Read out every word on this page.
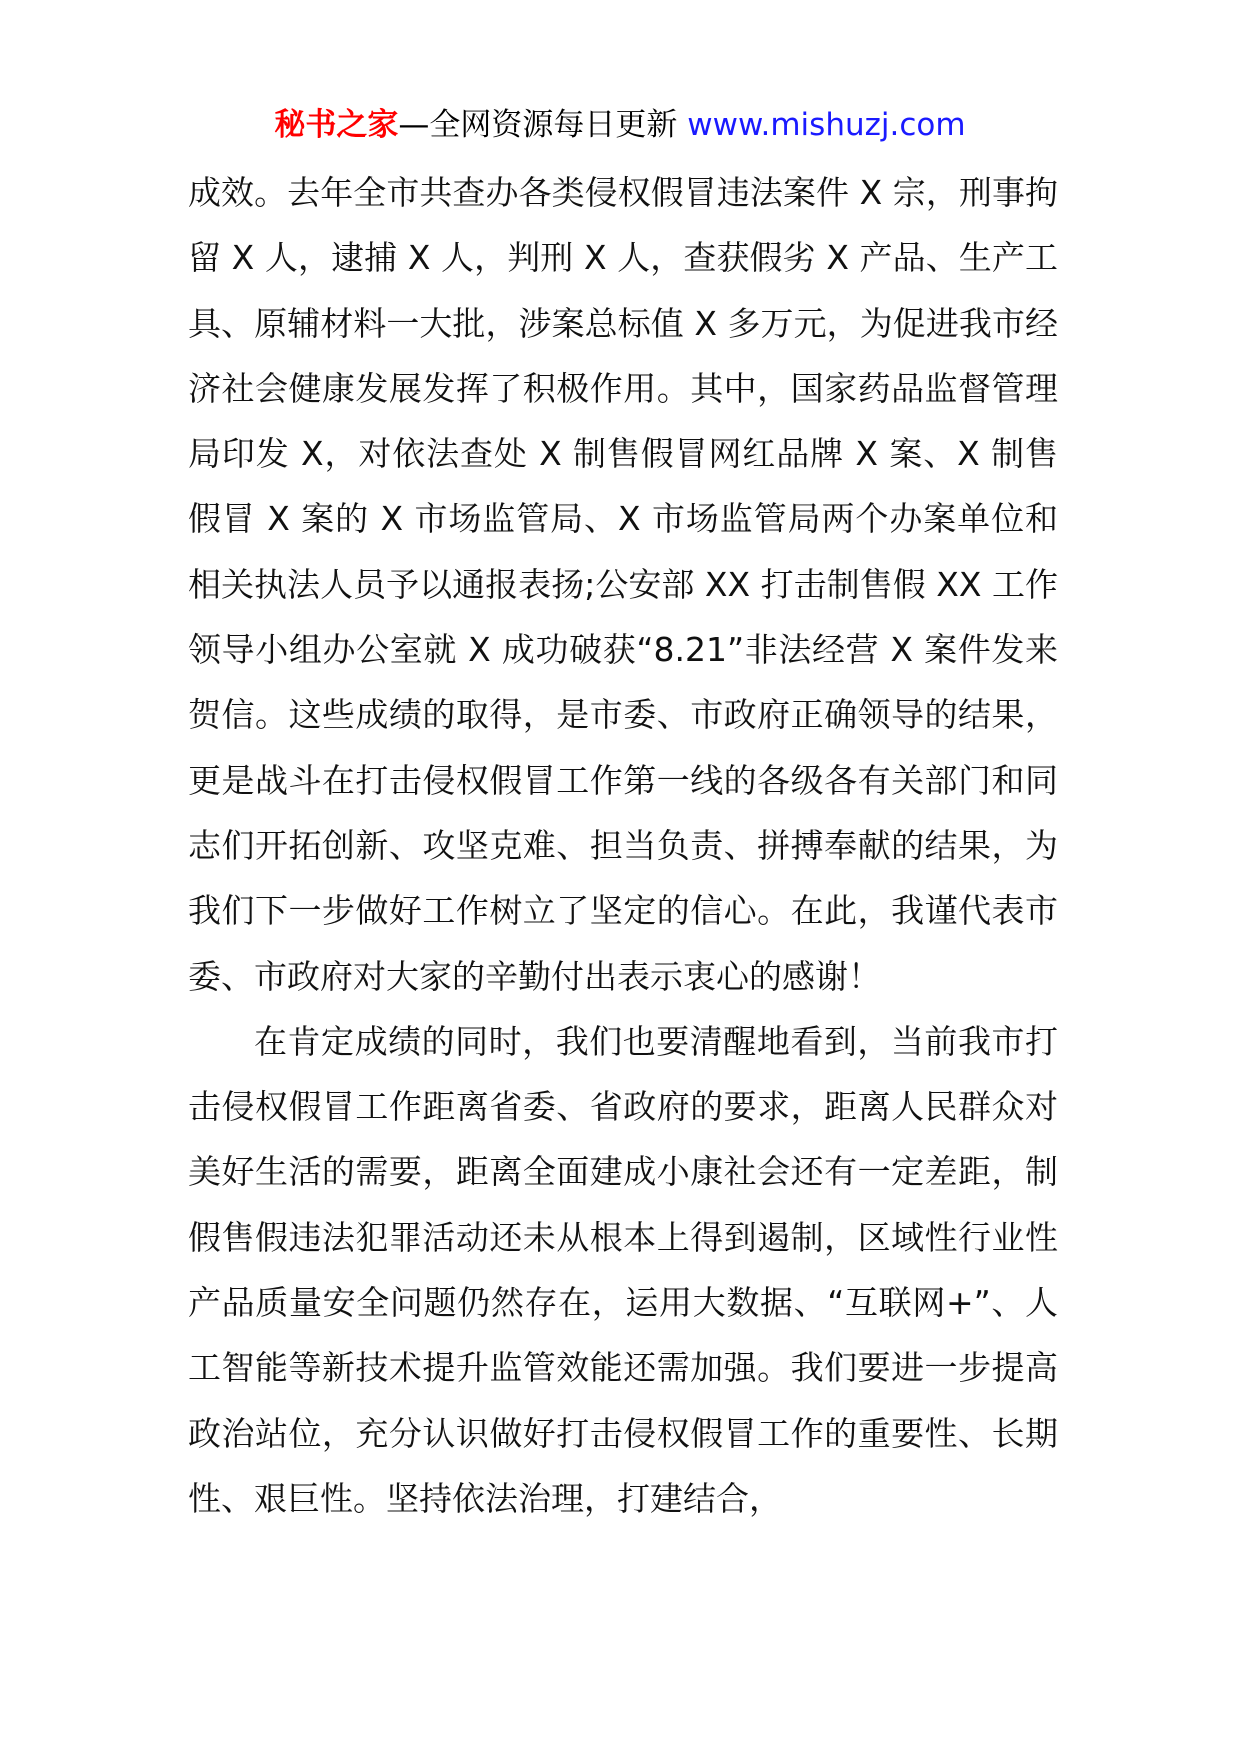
秘书之家—全网资源每日更新 www.mishuzj.com

成效。去年全市共查办各类侵权假冒违法案件 X 宗，刑事拘留 X 人，逮捕 X 人，判刑 X 人，查获假劣 X 产品、生产工具、原辅材料一大批，涉案总标值 X 多万元，为促进我市经济社会健康发展发挥了积极作用。其中，国家药品监督管理局印发 X，对依法查处 X 制售假冒网红品牌 X 案、X 制售假冒 X 案的 X 市场监管局、X 市场监管局两个办案单位和相关执法人员予以通报表扬;公安部 XX 打击制售假 XX 工作领导小组办公室就 X 成功破获“8.21”非法经营 X 案件发来贺信。这些成绩的取得，是市委、市政府正确领导的结果，更是战斗在打击侵权假冒工作第一线的各级各有关部门和同志们开拓创新、攻坚克难、担当负责、拼搏奉献的结果，为我们下一步做好工作树立了坚定的信心。在此，我谨代表市委、市政府对大家的辛勤付出表示衷心的感谢！

在肯定成绩的同时，我们也要清醒地看到，当前我市打击侵权假冒工作距离省委、省政府的要求，距离人民群众对美好生活的需要，距离全面建成小康社会还有一定差距，制假售假违法犯罪活动还未从根本上得到遏制，区域性行业性产品质量安全问题仍然存在，运用大数据、“互联网+”、人工智能等新技术提升监管效能还需加强。我们要进一步提高政治站位，充分认识做好打击侵权假冒工作的重要性、长期性、艰巨性。坚持依法治理，打建结合，
